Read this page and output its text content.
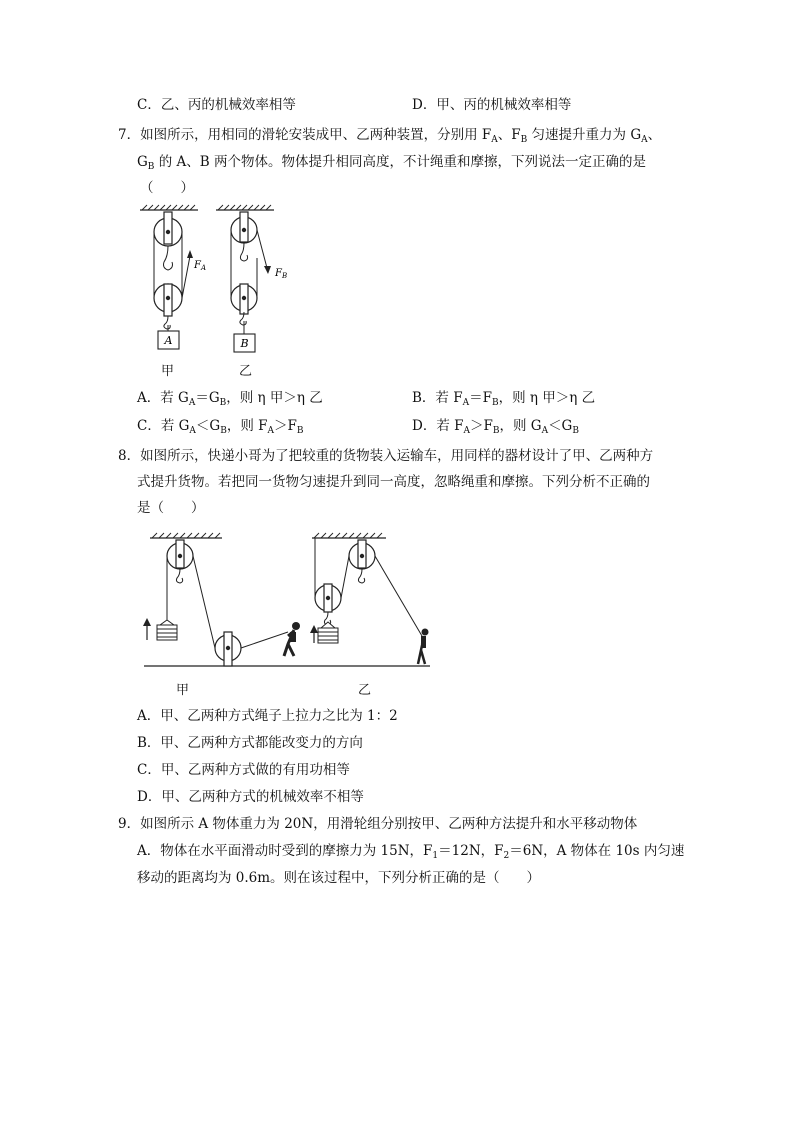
C．乙、丙的机械效率相等	D．甲、丙的机械效率相等
7．如图所示，用相同的滑轮安装成甲、乙两种装置，分别用 $F_A$、$F_B$ 匀速提升重力为 $G_A$、
$G_B$ 的 A、B 两个物体。物体提升相同高度，不计绳重和摩擦，下列说法一定正确的是
（　　）
$F_A$
A
$F_B$
B
甲	乙
A．若 $G_A=G_B$，则 η 甲＞η 乙	B．若 $F_A=F_B$，则 η 甲＞η 乙
C．若 $G_A<G_B$，则 $F_A>F_B$	D．若 $F_A>F_B$，则 $G_A<G_B$
8．如图所示，快递小哥为了把较重的货物装入运输车，用同样的器材设计了甲、乙两种方
式提升货物。若把同一货物匀速提升到同一高度，忽略绳重和摩擦。下列分析不正确的
是（　　）
甲	乙
A．甲、乙两种方式绳子上拉力之比为 1：2
B．甲、乙两种方式都能改变力的方向
C．甲、乙两种方式做的有用功相等
D．甲、乙两种方式的机械效率不相等
9．如图所示 A 物体重力为 20N，用滑轮组分别按甲、乙两种方法提升和水平移动物体
A．物体在水平面滑动时受到的摩擦力为 15N，$F_1=12N$，$F_2=6N$，A 物体在 10s 内匀速
移动的距离均为 0.6m。则在该过程中，下列分析正确的是（　　）
